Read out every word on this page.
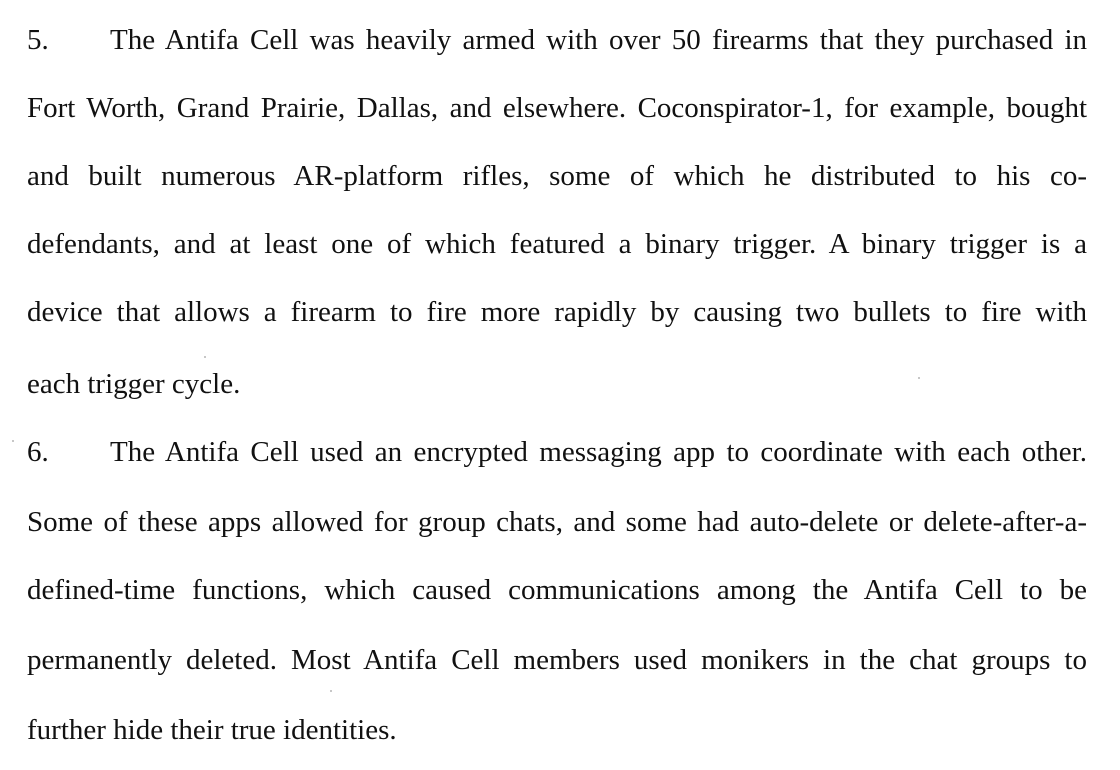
5. The Antifa Cell was heavily armed with over 50 firearms that they purchased in
Fort Worth, Grand Prairie, Dallas, and elsewhere. Coconspirator-1, for example, bought
and built numerous AR-platform rifles, some of which he distributed to his co-
defendants, and at least one of which featured a binary trigger. A binary trigger is a
device that allows a firearm to fire more rapidly by causing two bullets to fire with
each trigger cycle.
6. The Antifa Cell used an encrypted messaging app to coordinate with each other.
Some of these apps allowed for group chats, and some had auto-delete or delete-after-a-
defined-time functions, which caused communications among the Antifa Cell to be
permanently deleted. Most Antifa Cell members used monikers in the chat groups to
further hide their true identities.
